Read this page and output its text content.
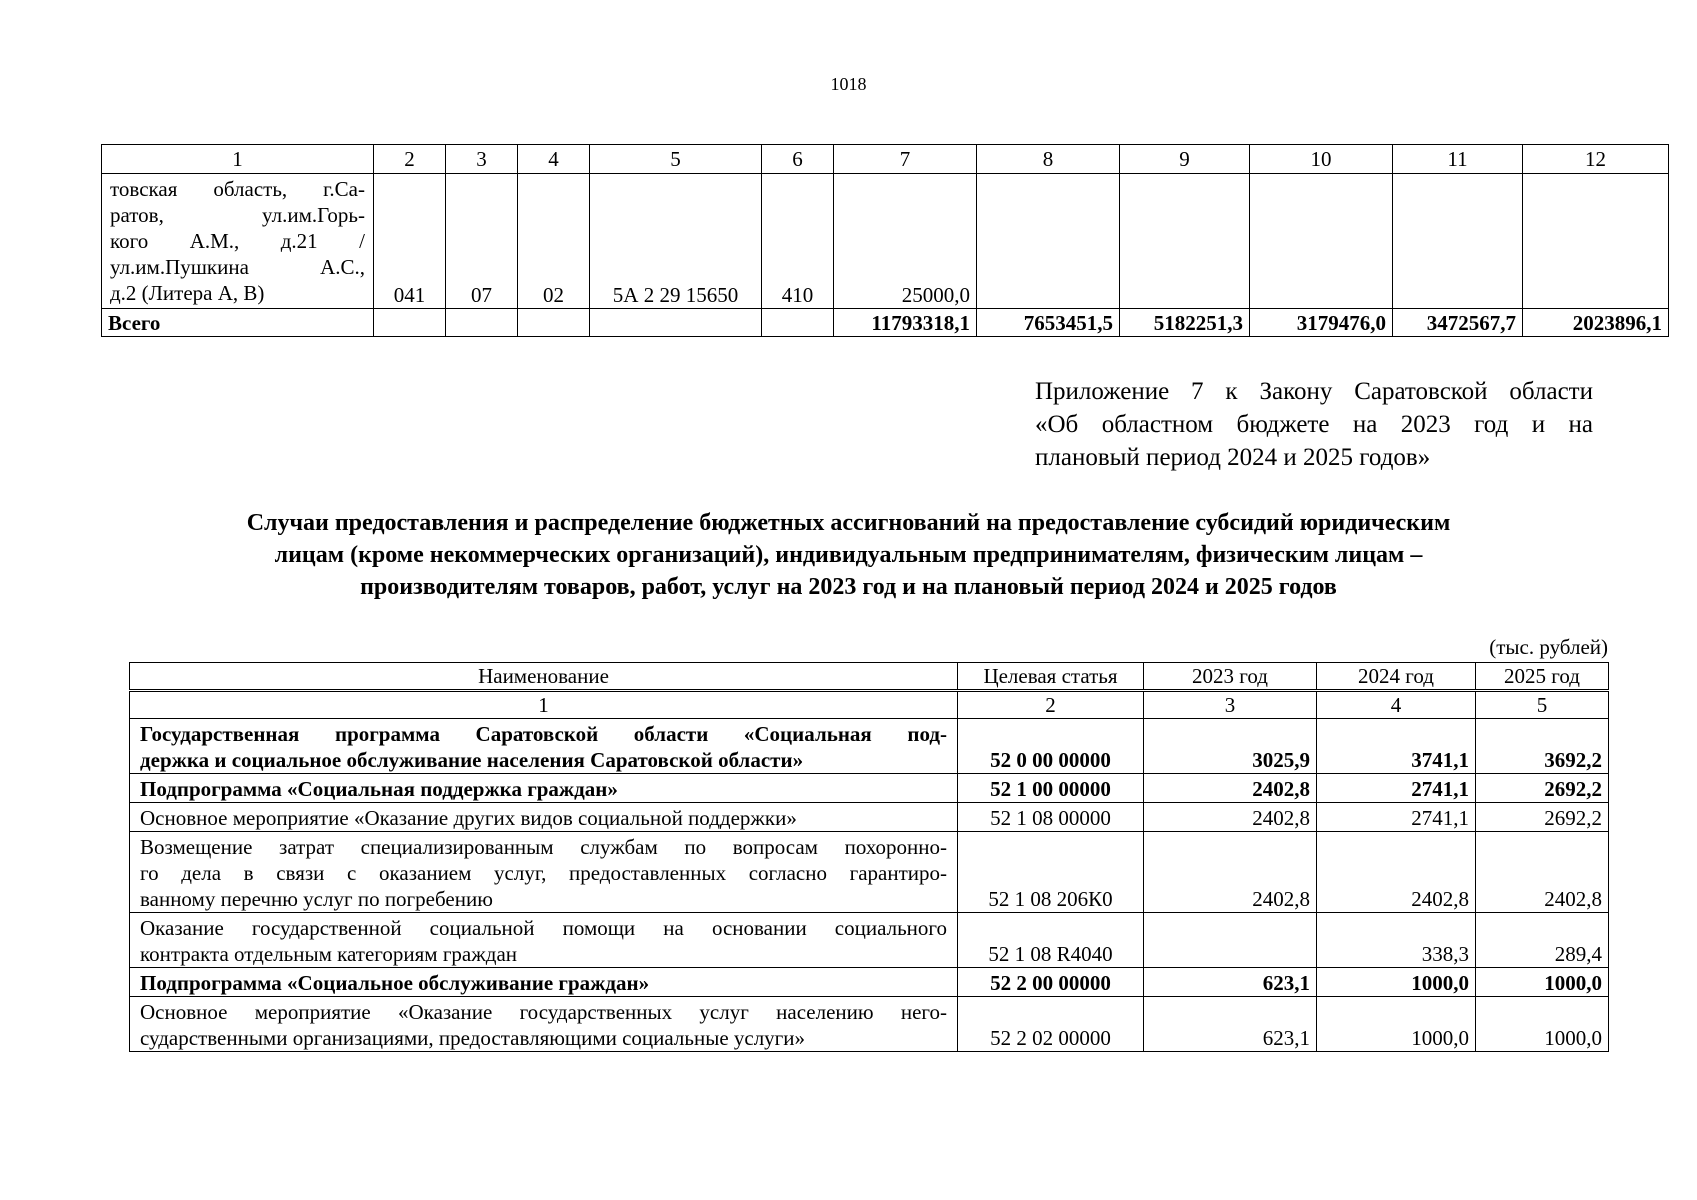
1018
1	2	3	4	5	6	7	8	9	10	11	12

товская область, г.Са-
ратов, ул.им.Горь-
кого А.М., д.21 /
ул.им.Пушкина А.С.,
д.2 (Литера А, В)	041	07	02	5А 2 29 15650	410	25000,0					
Всего						11793318,1	7653451,5	5182251,3	3179476,0	3472567,7	2023896,1
Приложение 7 к Закону Саратовской области
«Об областном бюджете на 2023 год и на
плановый период 2024 и 2025 годов»
Случаи предоставления и распределение бюджетных ассигнований на предоставление субсидий юридическим
лицам (кроме некоммерческих организаций), индивидуальным предпринимателям, физическим лицам –
производителям товаров, работ, услуг на 2023 год и на плановый период 2024 и 2025 годов
(тыс. рублей)
Наименование	Целевая статья	2023 год	2024 год	2025 год
1	2	3	4	5

Государственная программа Саратовской области «Социальная под-
держка и социальное обслуживание населения Саратовской области»	52 0 00 00000	3025,9	3741,1	3692,2

Подпрограмма «Социальная поддержка граждан»	52 1 00 00000	2402,8	2741,1	2692,2

Основное мероприятие «Оказание других видов социальной поддержки»	52 1 08 00000	2402,8	2741,1	2692,2

Возмещение затрат специализированным службам по вопросам похоронно-
го дела в связи с оказанием услуг, предоставленных согласно гарантиро-
ванному перечню услуг по погребению	52 1 08 206К0	2402,8	2402,8	2402,8

Оказание государственной социальной помощи на основании социального
контракта отдельным категориям граждан	52 1 08 R4040		338,3	289,4

Подпрограмма «Социальное обслуживание граждан»	52 2 00 00000	623,1	1000,0	1000,0

Основное мероприятие «Оказание государственных услуг населению него-
сударственными организациями, предоставляющими социальные услуги»	52 2 02 00000	623,1	1000,0	1000,0
